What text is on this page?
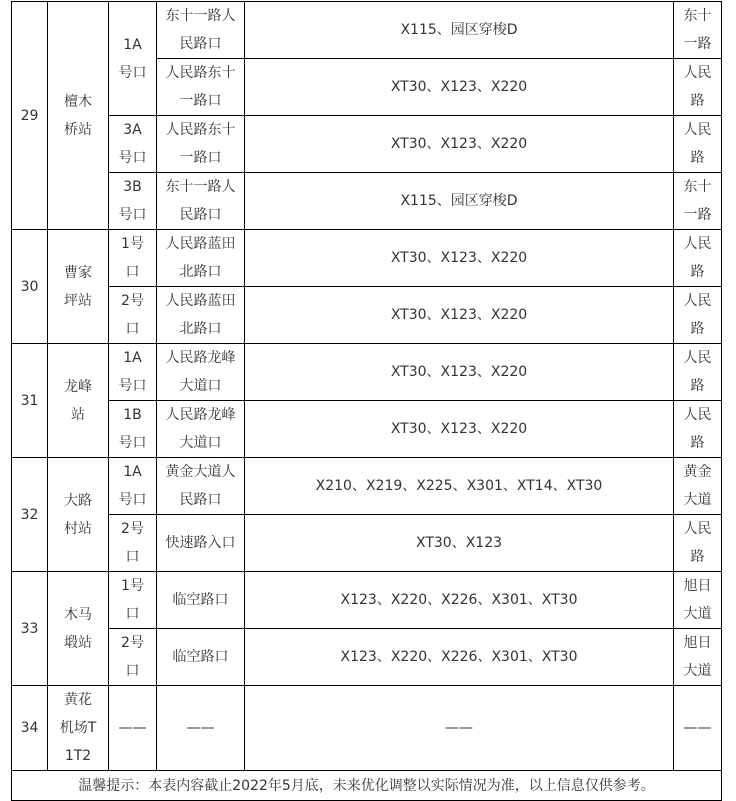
29	檀木桥站	1A号口	东十一路人民路口	X115、园区穿梭D	东十一路
			人民路东十一路口	XT30、X123、X220	人民路
		3A号口	人民路东十一路口	XT30、X123、X220	人民路
		3B号口	东十一路人民路口	X115、园区穿梭D	东十一路
30	曹家坪站	1号口	人民路蓝田北路口	XT30、X123、X220	人民路
		2号口	人民路蓝田北路口	XT30、X123、X220	人民路
31	龙峰站	1A号口	人民路龙峰大道口	XT30、X123、X220	人民路
		1B号口	人民路龙峰大道口	XT30、X123、X220	人民路
32	大路村站	1A号口	黄金大道人民路口	X210、X219、X225、X301、XT14、XT30	黄金大道
		2号口	快速路入口	XT30、X123	人民路
33	木马塅站	1号口	临空路口	X123、X220、X226、X301、XT30	旭日大道
		2号口	临空路口	X123、X220、X226、X301、XT30	旭日大道
34	黄花机场T1T2	——	——	——	——
温馨提示：本表内容截止2022年5月底，未来优化调整以实际情况为准，以上信息仅供参考。					
